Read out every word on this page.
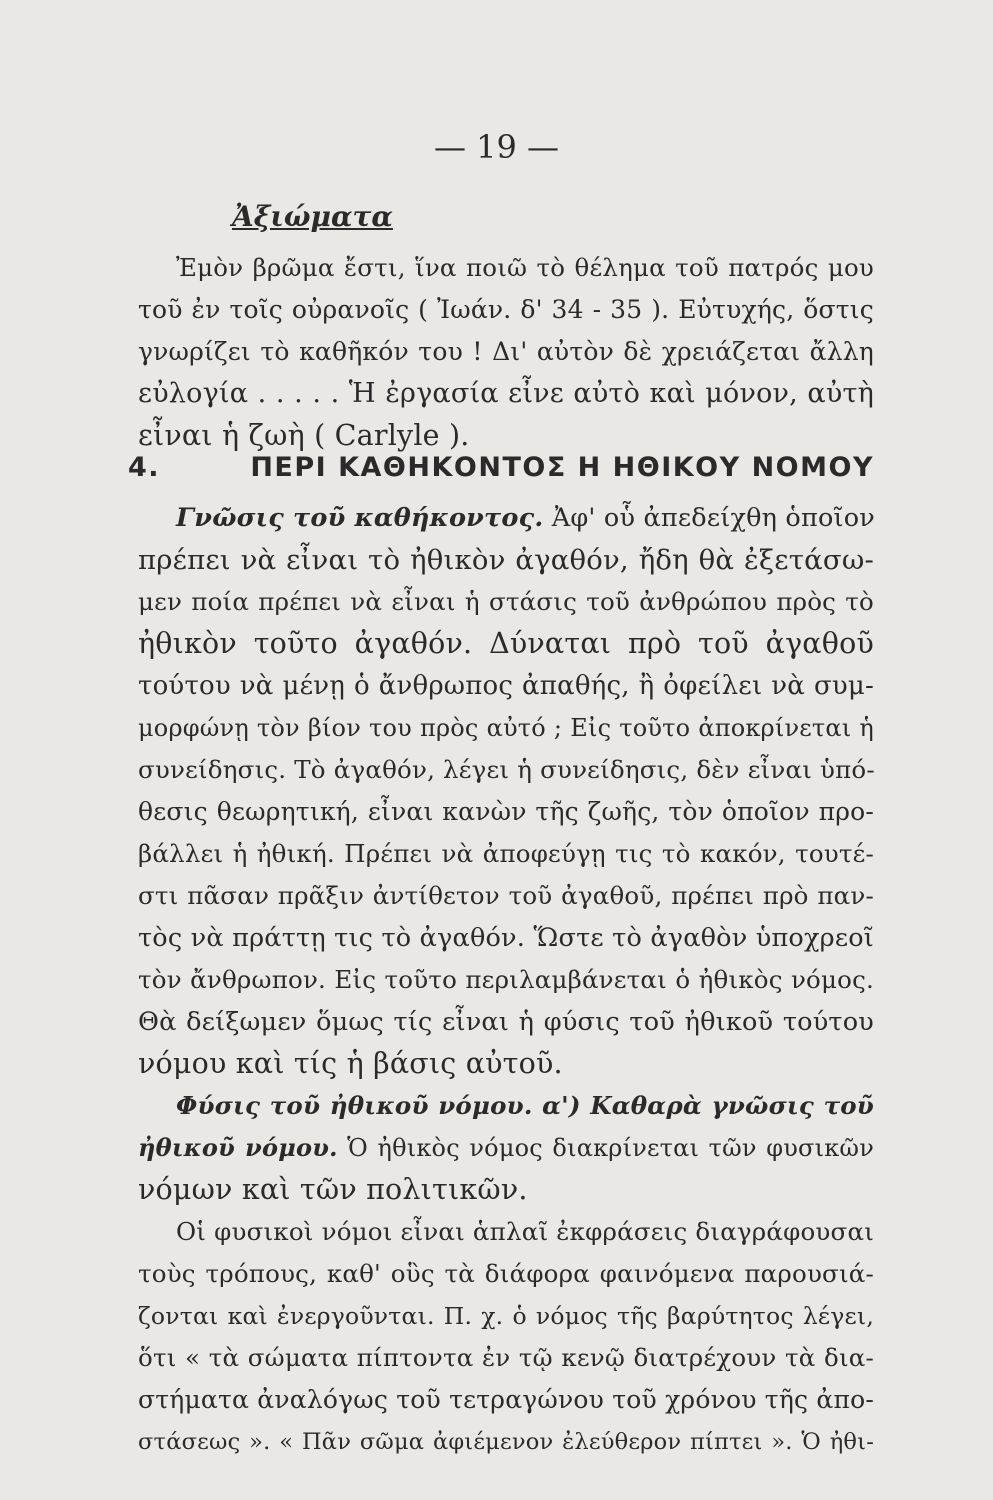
— 19 —
Ἀξιώματα
Ἐμὸν βρῶμα ἔστι, ἵνα ποιῶ τὸ θέλημα τοῦ πατρός μου
τοῦ ἐν τοῖς οὐρανοῖς ( Ἰωάν. δ' 34 - 35 ). Εὐτυχής, ὅστις
γνωρίζει τὸ καθῆκόν του ! Δι' αὐτὸν δὲ χρειάζεται ἄλλη
εὐλογία . . . . . Ἡ ἐργασία εἶνε αὐτὸ καὶ μόνον, αὐτὴ
εἶναι ἡ ζωὴ ( Carlyle ).
4.	ΠΕΡΙ ΚΑΘΗΚΟΝΤΟΣ Η ΗΘΙΚΟΥ ΝΟΜΟΥ
Γνῶσις τοῦ καθήκοντος. Ἀφ' οὗ ἀπεδείχθη ὁποῖον
πρέπει νὰ εἶναι τὸ ἠθικὸν ἀγαθόν, ἤδη θὰ ἐξετάσω-
μεν ποία πρέπει νὰ εἶναι ἡ στάσις τοῦ ἀνθρώπου πρὸς τὸ
ἠθικὸν τοῦτο ἀγαθόν. Δύναται πρὸ τοῦ ἀγαθοῦ
τούτου νὰ μένῃ ὁ ἄνθρωπος ἀπαθής, ἢ ὀφείλει νὰ συμ-
μορφώνῃ τὸν βίον του πρὸς αὐτό ; Εἰς τοῦτο ἀποκρίνεται ἡ
συνείδησις. Τὸ ἀγαθόν, λέγει ἡ συνείδησις, δὲν εἶναι ὑπό-
θεσις θεωρητική, εἶναι κανὼν τῆς ζωῆς, τὸν ὁποῖον προ-
βάλλει ἡ ἠθική. Πρέπει νὰ ἀποφεύγῃ τις τὸ κακόν, τουτέ-
στι πᾶσαν πρᾶξιν ἀντίθετον τοῦ ἀγαθοῦ, πρέπει πρὸ παν-
τὸς νὰ πράττῃ τις τὸ ἀγαθόν. Ὥστε τὸ ἀγαθὸν ὑποχρεοῖ
τὸν ἄνθρωπον. Εἰς τοῦτο περιλαμβάνεται ὁ ἠθικὸς νόμος.
Θὰ δείξωμεν ὅμως τίς εἶναι ἡ φύσις τοῦ ἠθικοῦ τούτου
νόμου καὶ τίς ἡ βάσις αὐτοῦ.
Φύσις τοῦ ἠθικοῦ νόμου. α') Καθαρὰ γνῶσις τοῦ
ἠθικοῦ νόμου. Ὁ ἠθικὸς νόμος διακρίνεται τῶν φυσικῶν
νόμων καὶ τῶν πολιτικῶν.
Οἱ φυσικοὶ νόμοι εἶναι ἁπλαῖ ἐκφράσεις διαγράφουσαι
τοὺς τρόπους, καθ' οὓς τὰ διάφορα φαινόμενα παρουσιά-
ζονται καὶ ἐνεργοῦνται. Π. χ. ὁ νόμος τῆς βαρύτητος λέγει,
ὅτι « τὰ σώματα πίπτοντα ἐν τῷ κενῷ διατρέχουν τὰ δια-
στήματα ἀναλόγως τοῦ τετραγώνου τοῦ χρόνου τῆς ἀπο-
στάσεως ». « Πᾶν σῶμα ἀφιέμενον ἐλεύθερον πίπτει ». Ὁ ἠθι-
